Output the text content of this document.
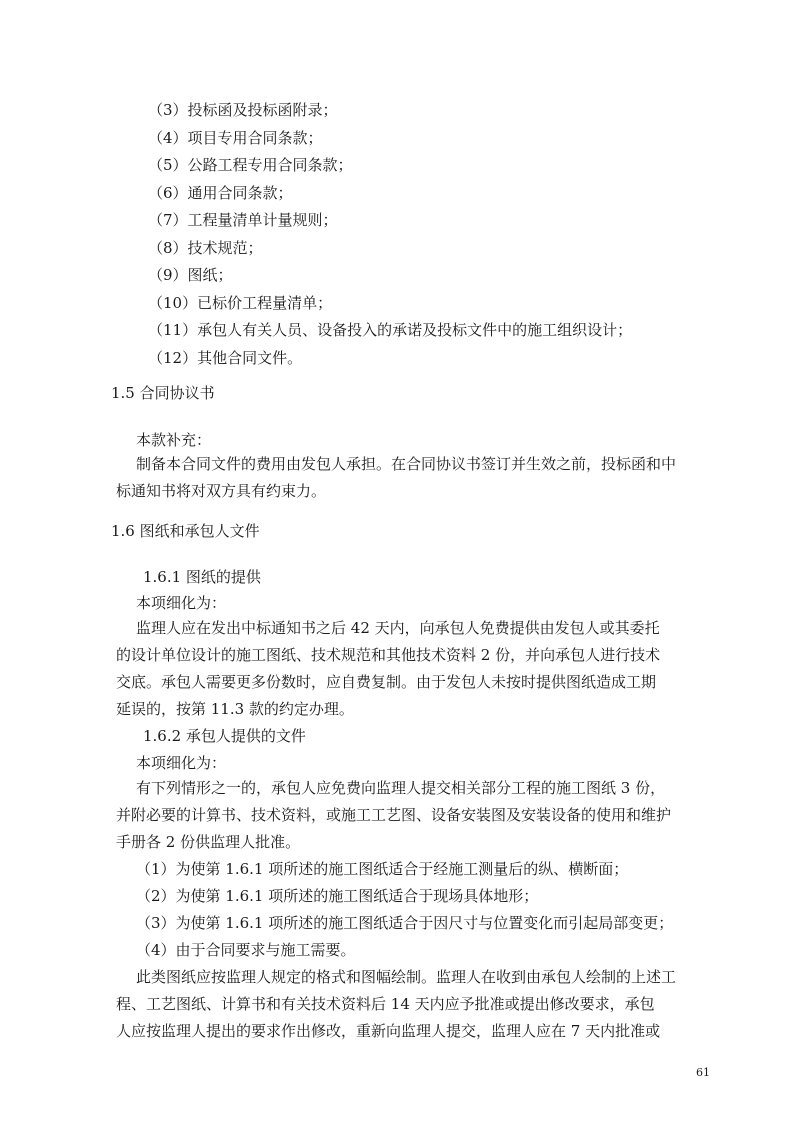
（3）投标函及投标函附录；
（4）项目专用合同条款；
（5）公路工程专用合同条款；
（6）通用合同条款；
（7）工程量清单计量规则；
（8）技术规范；
（9）图纸；
（10）已标价工程量清单；
（11）承包人有关人员、设备投入的承诺及投标文件中的施工组织设计；
（12）其他合同文件。
1.5 合同协议书
本款补充：
制备本合同文件的费用由发包人承担。在合同协议书签订并生效之前，投标函和中
标通知书将对双方具有约束力。
1.6 图纸和承包人文件
1.6.1 图纸的提供
本项细化为：
监理人应在发出中标通知书之后 42 天内，向承包人免费提供由发包人或其委托
的设计单位设计的施工图纸、技术规范和其他技术资料 2 份，并向承包人进行技术
交底。承包人需要更多份数时，应自费复制。由于发包人未按时提供图纸造成工期
延误的，按第 11.3 款的约定办理。
1.6.2 承包人提供的文件
本项细化为：
有下列情形之一的，承包人应免费向监理人提交相关部分工程的施工图纸 3 份，
并附必要的计算书、技术资料，或施工工艺图、设备安装图及安装设备的使用和维护
手册各 2 份供监理人批准。
（1）为使第 1.6.1 项所述的施工图纸适合于经施工测量后的纵、横断面；
（2）为使第 1.6.1 项所述的施工图纸适合于现场具体地形；
（3）为使第 1.6.1 项所述的施工图纸适合于因尺寸与位置变化而引起局部变更；
（4）由于合同要求与施工需要。
此类图纸应按监理人规定的格式和图幅绘制。监理人在收到由承包人绘制的上述工
程、工艺图纸、计算书和有关技术资料后 14 天内应予批准或提出修改要求，承包
人应按监理人提出的要求作出修改，重新向监理人提交，监理人应在 7 天内批准或
61
